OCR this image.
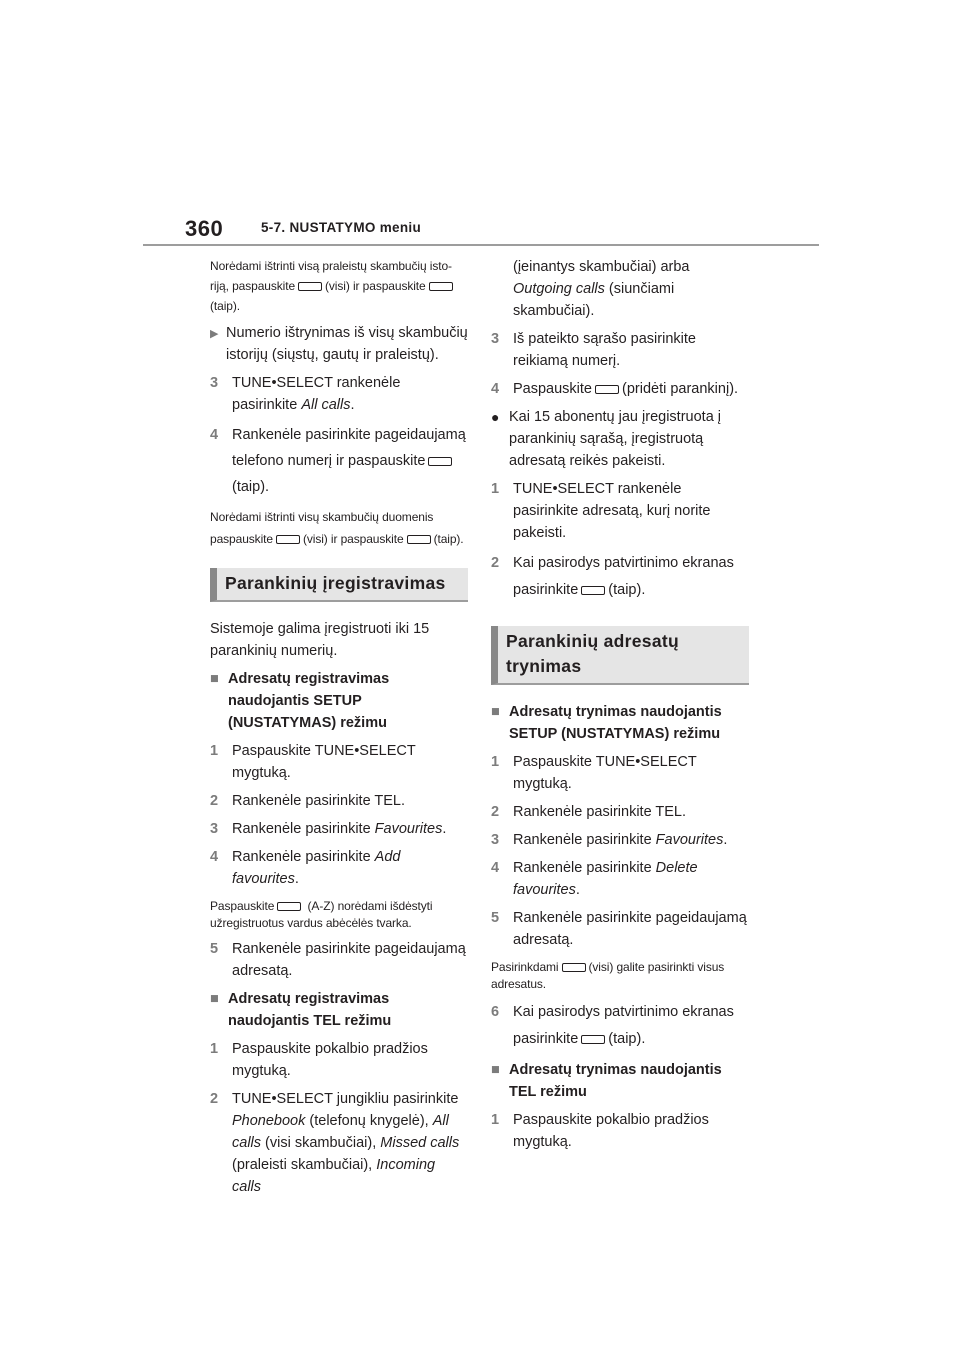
360	5-7. NUSTATYMO meniu
Norėdami ištrinti visą praleistų skambučių isto-
riją, paspauskite	(visi) ir paspauskite
(taip).
▶ Numerio ištrynimas iš visų skambučių istorijų (siųstų, gautų ir praleistų).
3 TUNE•SELECT rankenėle pasirinkite All calls.
4 Rankenėle pasirinkite pageidaujamą
telefono numerį ir paspauskite
(taip).
Norėdami ištrinti visų skambučių duomenis
paspauskite	(visi) ir paspauskite	(taip).
Parankinių įregistravimas
Sistemoje galima įregistruoti iki 15 parankinių numerių.
■ Adresatų registravimas naudojantis SETUP (NUSTATYMAS) režimu
1 Paspauskite TUNE•SELECT mygtuką.
2 Rankenėle pasirinkite TEL.
3 Rankenėle pasirinkite Favourites.
4 Rankenėle pasirinkite Add favourites.
Paspauskite	(A-Z) norėdami išdėstyti užregistruotus vardus abėcėlės tvarka.
5 Rankenėle pasirinkite pageidaujamą adresatą.
■ Adresatų registravimas naudojantis TEL režimu
1 Paspauskite pokalbio pradžios mygtuką.
2 TUNE•SELECT jungikliu pasirinkite Phonebook (telefonų knygelė), All calls (visi skambučiai), Missed calls (praleisti skambučiai), Incoming calls
(įeinantys skambučiai) arba Outgoing calls (siunčiami skambučiai).
3 Iš pateikto sąrašo pasirinkite reikiamą numerį.
4 Paspauskite (pridėti parankinį).
● Kai 15 abonentų jau įregistruota į parankinių sąrašą, įregistruotą adresatą reikės pakeisti.
1 TUNE•SELECT rankenėle pasirinkite adresatą, kurį norite pakeisti.
2 Kai pasirodys patvirtinimo ekranas
pasirinkite (taip).
Parankinių adresatų trynimas
■ Adresatų trynimas naudojantis SETUP (NUSTATYMAS) režimu
1 Paspauskite TUNE•SELECT mygtuką.
2 Rankenėle pasirinkite TEL.
3 Rankenėle pasirinkite Favourites.
4 Rankenėle pasirinkite Delete favourites.
5 Rankenėle pasirinkite pageidaujamą adresatą.
Pasirinkdami	(visi) galite pasirinkti visus adresatus.
6 Kai pasirodys patvirtinimo ekranas
pasirinkite (taip).
■ Adresatų trynimas naudojantis TEL režimu
1 Paspauskite pokalbio pradžios mygtuką.
